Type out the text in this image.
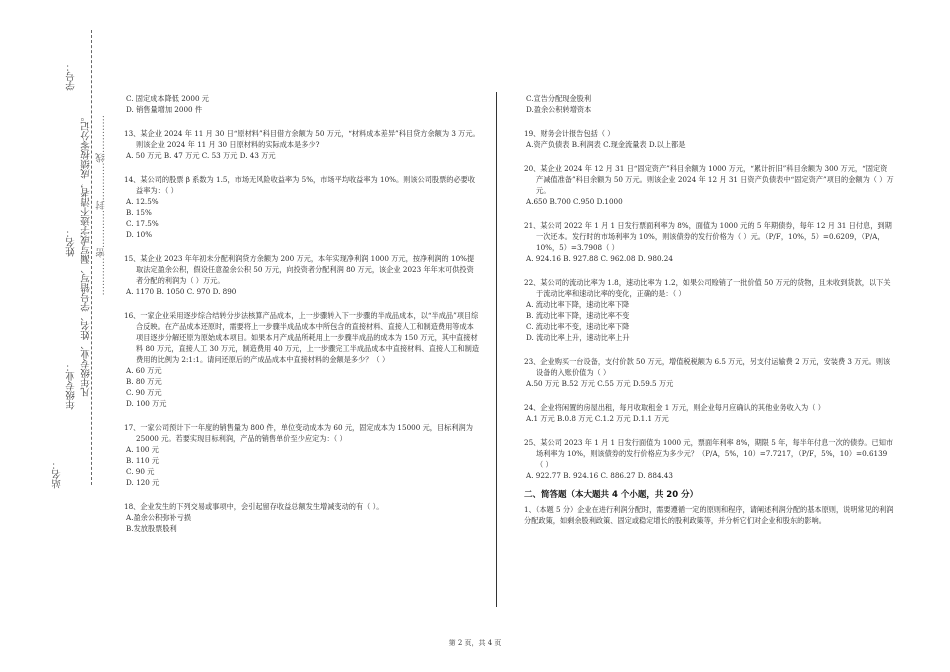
学号：
姓名：
年级专业：
站名：
凡年级专业、姓名、学号错写、漏写或字迹不清者，成绩按零分记。 …………密…………封…………线…………
C. 固定成本降低 2000 元
D. 销售量增加 2000 件
13、某企业 2024 年 11 月 30 日“原材料”科目借方余额为 50 万元，“材料成本差异”科目贷方余额为 3 万元。则该企业 2024 年 11 月 30 日原材料的实际成本是多少?
A. 50 万元 B. 47 万元 C. 53 万元 D. 43 万元
14、某公司的股票 β 系数为 1.5，市场无风险收益率为 5%，市场平均收益率为 10%。则该公司股票的必要收益率为：（ ）
A. 12.5%
B. 15%
C. 17.5%
D. 10%
15、某企业 2023 年年初未分配利润贷方余额为 200 万元，本年实现净利润 1000 万元，按净利润的 10%提取法定盈余公积，假设任意盈余公积 50 万元，向投资者分配利润 80 万元，该企业 2023 年年末可供投资者分配的利润为（ ）万元。
A. 1170 B. 1050 C. 970 D. 890
16、一家企业采用逐步综合结转分步法核算产品成本，上一步骤转入下一步骤的半成品成本，以“半成品”项目综合反映。在产品成本还原时，需要将上一步骤半成品成本中所包含的直接材料、直接人工和制造费用等成本项目逐步分解还原为原始成本项目。如果本月产成品所耗用上一步骤半成品的成本为 150 万元，其中直接材料 80 万元，直接人工 30 万元，制造费用 40 万元，上一步骤完工半成品成本中直接材料、直接人工和制造费用的比例为 2:1:1。请问还原后的产成品成本中直接材料的金额是多少？（ ）
A. 60 万元
B. 80 万元
C. 90 万元
D. 100 万元
17、一家公司预计下一年度的销售量为 800 件，单位变动成本为 60 元，固定成本为 15000 元，目标利润为 25000 元。若要实现目标利润，产品的销售单价至少应定为：（ ）
A. 100 元
B. 110 元
C. 90 元
D. 120 元
18、企业发生的下列交易或事项中，会引起留存收益总额发生增减变动的有（ ）。
A.盈余公积弥补亏损
B.发放股票股利
C.宣告分配现金股利
D.盈余公积转增资本
19、财务会计报告包括（ ）
A.资产负债表 B.利润表 C.现金流量表 D.以上都是
20、某企业 2024 年 12 月 31 日“固定资产”科目余额为 1000 万元，“累计折旧”科目余额为 300 万元，“固定资产减值准备”科目余额为 50 万元。则该企业 2024 年 12 月 31 日资产负债表中“固定资产”项目的金额为（ ）万元。
A.650 B.700 C.950 D.1000
21、某公司 2022 年 1 月 1 日发行票面利率为 8%，面值为 1000 元的 5 年期债券，每年 12 月 31 日付息，到期一次还本。发行时的市场利率为 10%，则该债券的发行价格为（ ）元。（P/F，10%，5）=0.6209，（P/A，10%，5）=3.7908（ ）
A. 924.16 B. 927.88 C. 962.08 D. 980.24
22、某公司的流动比率为 1.8，速动比率为 1.2，如果公司赊销了一批价值 50 万元的货物，且未收到货款，以下关于流动比率和速动比率的变化，正确的是：（ ）
A. 流动比率下降，速动比率下降
B. 流动比率下降，速动比率不变
C. 流动比率不变，速动比率下降
D. 流动比率上升，速动比率上升
23、企业购买一台设备，支付价款 50 万元，增值税税额为 6.5 万元，另支付运输费 2 万元，安装费 3 万元。则该设备的入账价值为（ ）
A.50 万元 B.52 万元 C.55 万元 D.59.5 万元
24、企业将闲置的房屋出租，每月收取租金 1 万元，则企业每月应确认的其他业务收入为（ ）
A.1 万元 B.0.8 万元 C.1.2 万元 D.1.1 万元
25、某公司 2023 年 1 月 1 日发行面值为 1000 元，票面年利率 8%，期限 5 年，每半年付息一次的债券。已知市场利率为 10%，则该债券的发行价格应为多少元？（P/A，5%，10）=7.7217，（P/F，5%，10）=0.6139（ ）
A. 922.77 B. 924.16 C. 886.27 D. 884.43
二、简答题（本大题共 4 个小题，共 20 分）
1、（本题 5 分）企业在进行利润分配时，需要遵循一定的原则和程序，请阐述利润分配的基本原则，说明常见的利润分配政策，如剩余股利政策、固定或稳定增长的股利政策等，并分析它们对企业和股东的影响。
第 2 页，共 4 页
